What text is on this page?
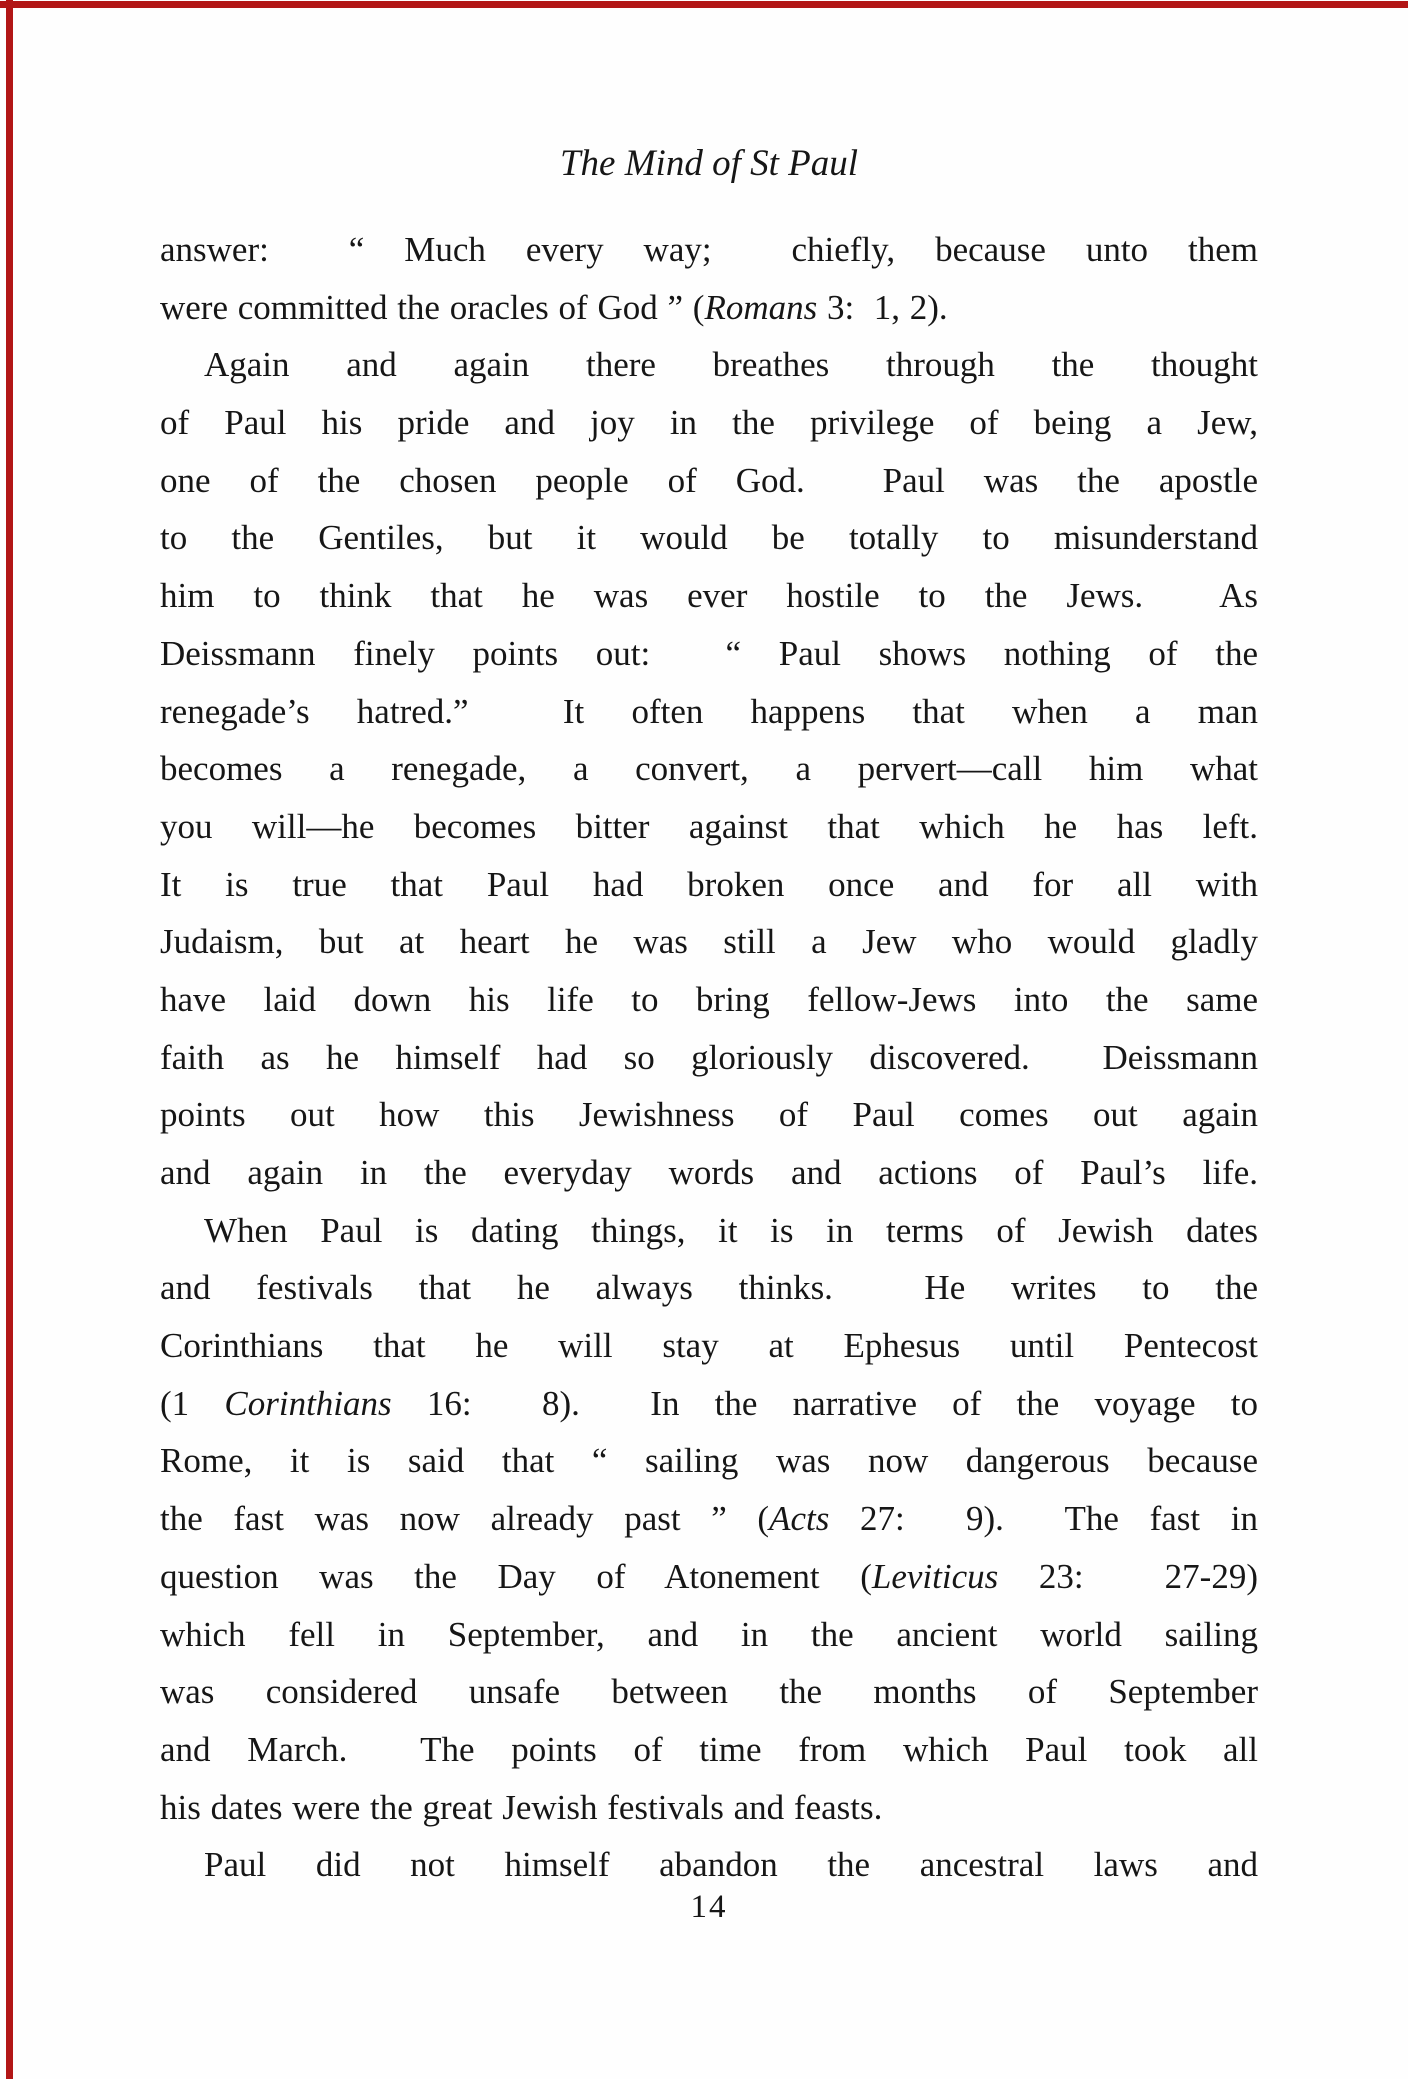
The Mind of St Paul
answer:  “ Much every way;  chiefly, because unto them
were committed the oracles of God ” (Romans 3:  1, 2).
Again and again there breathes through the thought
of Paul his pride and joy in the privilege of being a Jew,
one of the chosen people of God.  Paul was the apostle
to the Gentiles, but it would be totally to misunderstand
him to think that he was ever hostile to the Jews.  As
Deissmann finely points out:  “ Paul shows nothing of the
renegade’s hatred.”  It often happens that when a man
becomes a renegade, a convert, a pervert—call him what
you will—he becomes bitter against that which he has left.
It is true that Paul had broken once and for all with
Judaism, but at heart he was still a Jew who would gladly
have laid down his life to bring fellow-Jews into the same
faith as he himself had so gloriously discovered.  Deissmann
points out how this Jewishness of Paul comes out again
and again in the everyday words and actions of Paul’s life.
When Paul is dating things, it is in terms of Jewish dates
and festivals that he always thinks.  He writes to the
Corinthians that he will stay at Ephesus until Pentecost
(1 Corinthians 16:  8).  In the narrative of the voyage to
Rome, it is said that “ sailing was now dangerous because
the fast was now already past ” (Acts 27:  9).  The fast in
question was the Day of Atonement (Leviticus 23:  27-29)
which fell in September, and in the ancient world sailing
was considered unsafe between the months of September
and March.  The points of time from which Paul took all
his dates were the great Jewish festivals and feasts.
Paul did not himself abandon the ancestral laws and
14
